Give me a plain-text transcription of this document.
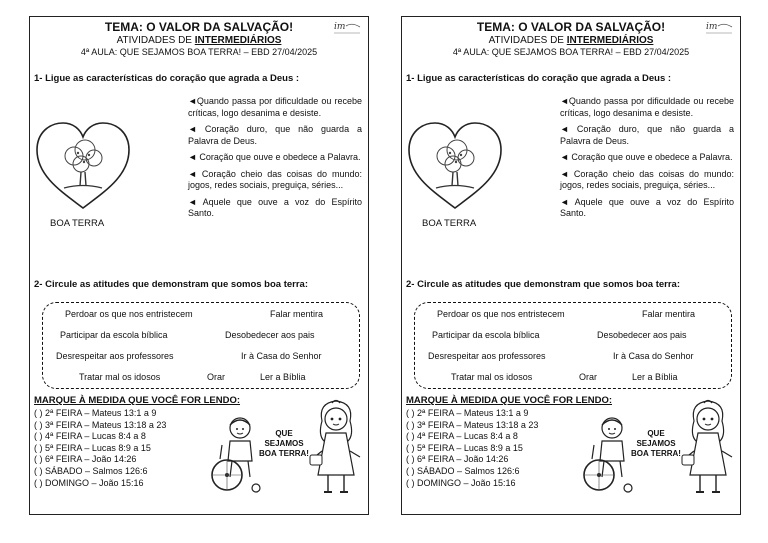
im
TEMA: O VALOR DA SALVAÇÃO!
ATIVIDADES DE INTERMEDIÁRIOS
4ª AULA: QUE SEJAMOS BOA TERRA! – EBD 27/04/2025
1- Ligue as características do coração que agrada a Deus :
BOA TERRA
◄Quando passa por dificuldade ou recebe críticas, logo desanima e desiste.
◄ Coração duro, que não guarda a Palavra de Deus.
◄ Coração que ouve e obedece a Palavra.
◄ Coração cheio das coisas do mundo: jogos, redes sociais, preguiça, séries...
◄ Aquele que ouve a voz do Espírito Santo.
2- Circule as atitudes que demonstram que somos boa terra:
Perdoar os que nos entristecem	Falar mentira
Participar da escola bíblica	Desobedecer aos pais
Desrespeitar aos professores	Ir à Casa do Senhor
Tratar mal os idosos	Orar	Ler a Bíblia
MARQUE À MEDIDA QUE VOCÊ FOR LENDO:
( ) 2ª FEIRA – Mateus 13:1 a 9
( ) 3ª FEIRA – Mateus 13:18 a 23
( ) 4ª FEIRA – Lucas 8:4 a 8
( ) 5ª FEIRA – Lucas 8:9 a 15
( ) 6ª FEIRA – João 14:26
( ) SÁBADO – Salmos 126:6
( ) DOMINGO – João 15:16
QUE
SEJAMOS
BOA TERRA!
im
TEMA: O VALOR DA SALVAÇÃO!
ATIVIDADES DE INTERMEDIÁRIOS
4ª AULA: QUE SEJAMOS BOA TERRA! – EBD 27/04/2025
1- Ligue as características do coração que agrada a Deus :
BOA TERRA
◄Quando passa por dificuldade ou recebe críticas, logo desanima e desiste.
◄ Coração duro, que não guarda a Palavra de Deus.
◄ Coração que ouve e obedece a Palavra.
◄ Coração cheio das coisas do mundo: jogos, redes sociais, preguiça, séries...
◄ Aquele que ouve a voz do Espírito Santo.
2- Circule as atitudes que demonstram que somos boa terra:
Perdoar os que nos entristecem	Falar mentira
Participar da escola bíblica	Desobedecer aos pais
Desrespeitar aos professores	Ir à Casa do Senhor
Tratar mal os idosos	Orar	Ler a Bíblia
MARQUE À MEDIDA QUE VOCÊ FOR LENDO:
( ) 2ª FEIRA – Mateus 13:1 a 9
( ) 3ª FEIRA – Mateus 13:18 a 23
( ) 4ª FEIRA – Lucas 8:4 a 8
( ) 5ª FEIRA – Lucas 8:9 a 15
( ) 6ª FEIRA – João 14:26
( ) SÁBADO – Salmos 126:6
( ) DOMINGO – João 15:16
QUE
SEJAMOS
BOA TERRA!
